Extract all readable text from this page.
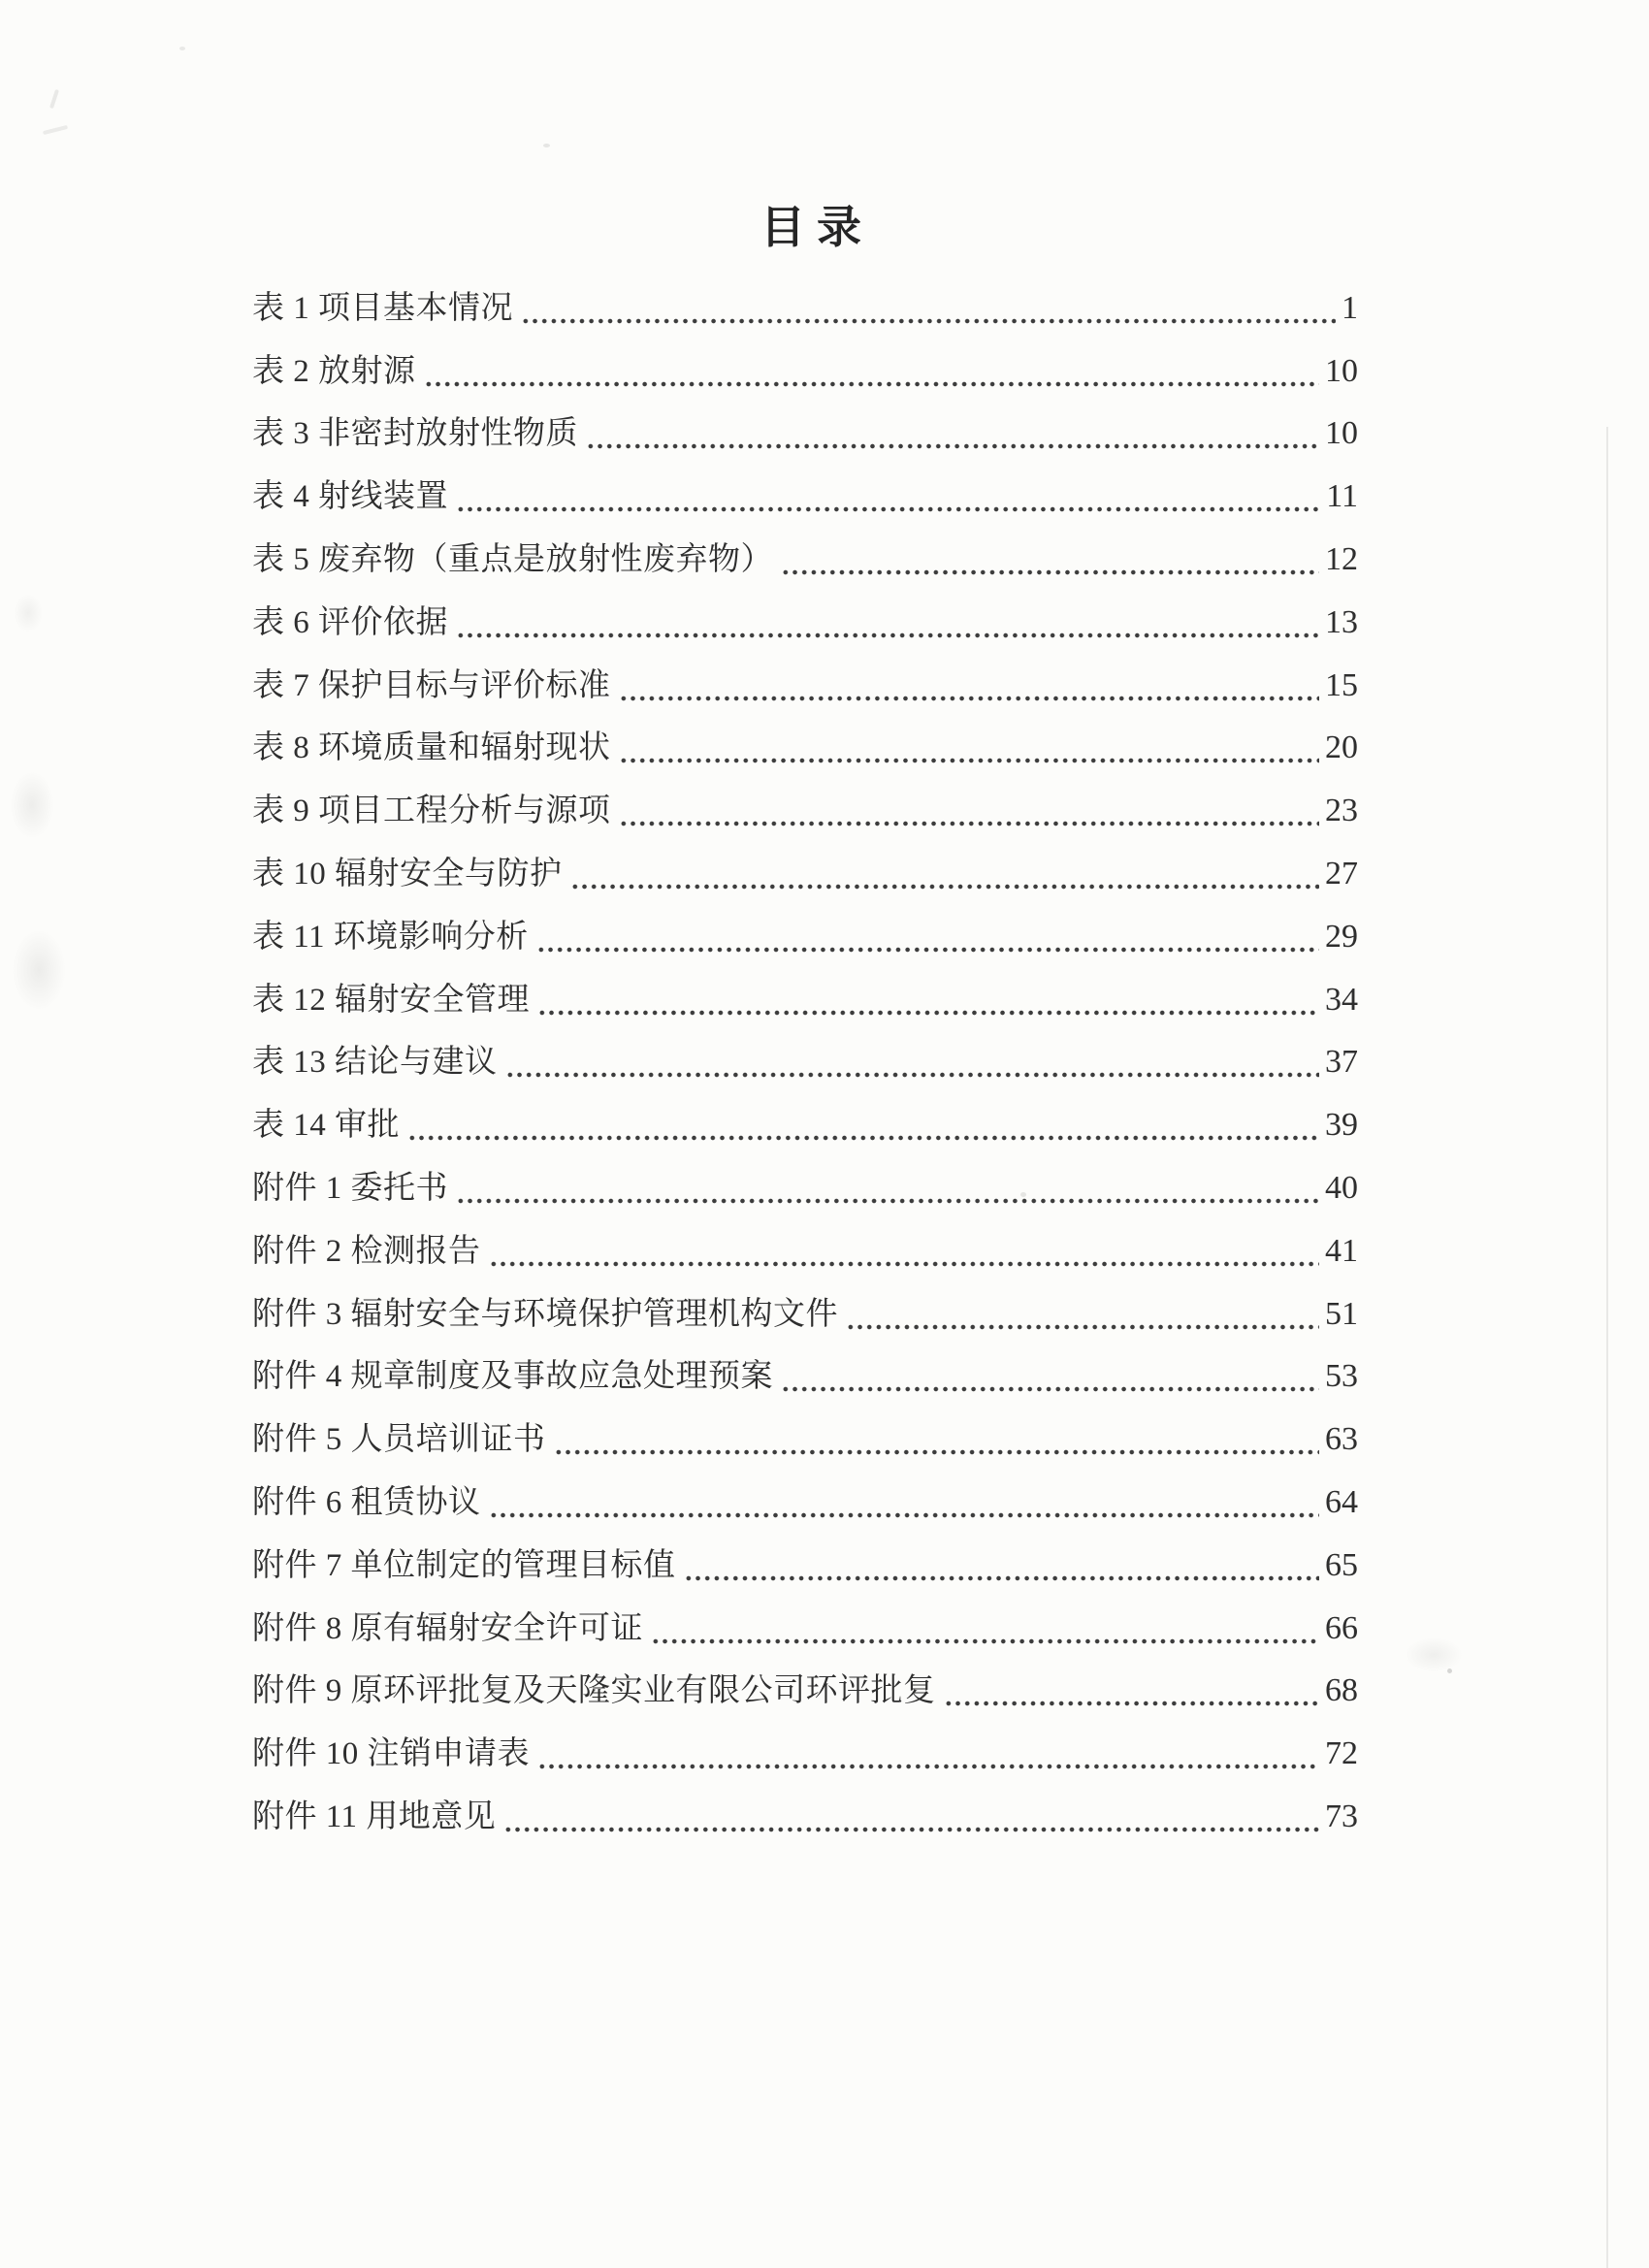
目录
表 1 项目基本情况	1
表 2 放射源	10
表 3 非密封放射性物质	10
表 4 射线装置	11
表 5 废弃物（重点是放射性废弃物）	12
表 6 评价依据	13
表 7 保护目标与评价标准	15
表 8 环境质量和辐射现状	20
表 9 项目工程分析与源项	23
表 10 辐射安全与防护	27
表 11 环境影响分析	29
表 12 辐射安全管理	34
表 13 结论与建议	37
表 14 审批	39
附件 1 委托书	40
附件 2 检测报告	41
附件 3 辐射安全与环境保护管理机构文件	51
附件 4 规章制度及事故应急处理预案	53
附件 5 人员培训证书	63
附件 6 租赁协议	64
附件 7 单位制定的管理目标值	65
附件 8 原有辐射安全许可证	66
附件 9 原环评批复及天隆实业有限公司环评批复	68
附件 10 注销申请表	72
附件 11 用地意见	73
